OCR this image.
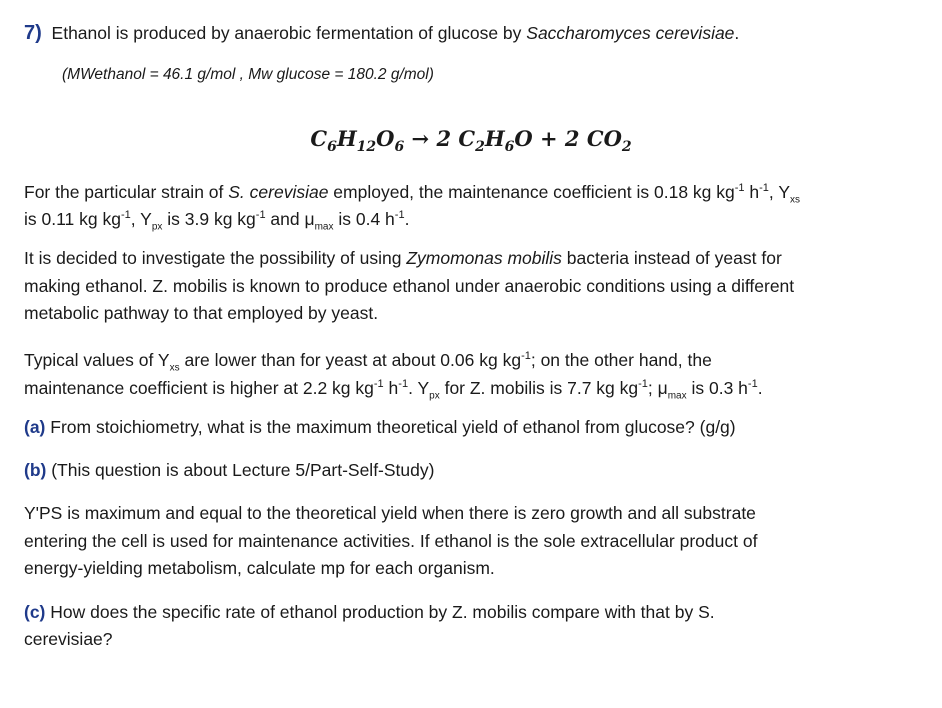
7) Ethanol is produced by anaerobic fermentation of glucose by Saccharomyces cerevisiae.
(MWethanol = 46.1 g/mol , Mw glucose = 180.2 g/mol)
$C_6H_{12}O_6 \to 2$ $C_2H_6O + 2$ $CO_2$
For the particular strain of S. cerevisiae employed, the maintenance coefficient is 0.18 kg $kg^{-1}$ $h^{-1}$, $Y_{xs}$
is 0.11 kg $kg^{-1}$, $Y_{px}$ is 3.9 kg $kg^{-1}$ and $\mu_{max}$ is 0.4 $h^{-1}$.
It is decided to investigate the possibility of using Zymomonas mobilis bacteria instead of yeast for
making ethanol. Z. mobilis is known to produce ethanol under anaerobic conditions using a different
metabolic pathway to that employed by yeast.
Typical values of $Y_{xs}$ are lower than for yeast at about 0.06 kg $kg^{-1}$; on the other hand, the
maintenance coefficient is higher at 2.2 kg $kg^{-1}$ $h^{-1}$. $Y_{px}$ for Z. mobilis is 7.7 kg $kg^{-1}$; $\mu_{max}$ is 0.3 $h^{-1}$.
(a) From stoichiometry, what is the maximum theoretical yield of ethanol from glucose? (g/g)
(b) (This question is about Lecture 5/Part-Self-Study)
Y'PS is maximum and equal to the theoretical yield when there is zero growth and all substrate
entering the cell is used for maintenance activities. If ethanol is the sole extracellular product of
energy-yielding metabolism, calculate mp for each organism.
(c) How does the specific rate of ethanol production by Z. mobilis compare with that by S.
cerevisiae?
